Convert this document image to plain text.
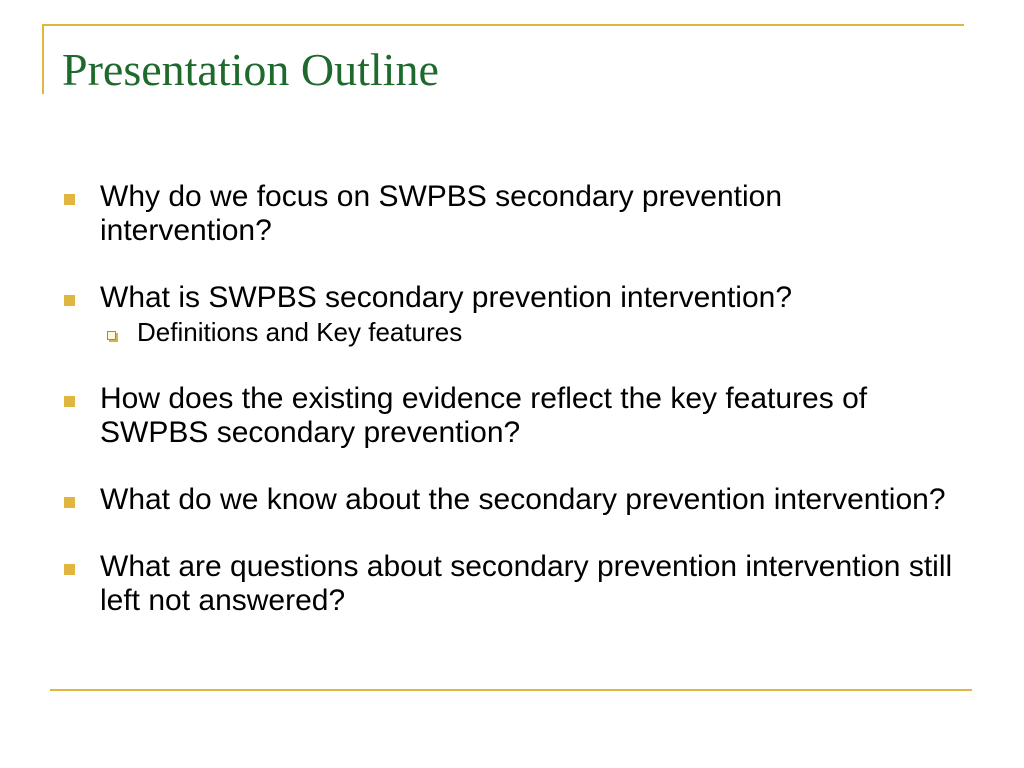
Presentation Outline
Why do we focus on SWPBS secondary prevention intervention?
What is SWPBS secondary prevention intervention?
Definitions and Key features
How does the existing evidence reflect the key features of SWPBS secondary prevention?
What do we know about the secondary prevention intervention?
What are questions about secondary prevention intervention still left not answered?
